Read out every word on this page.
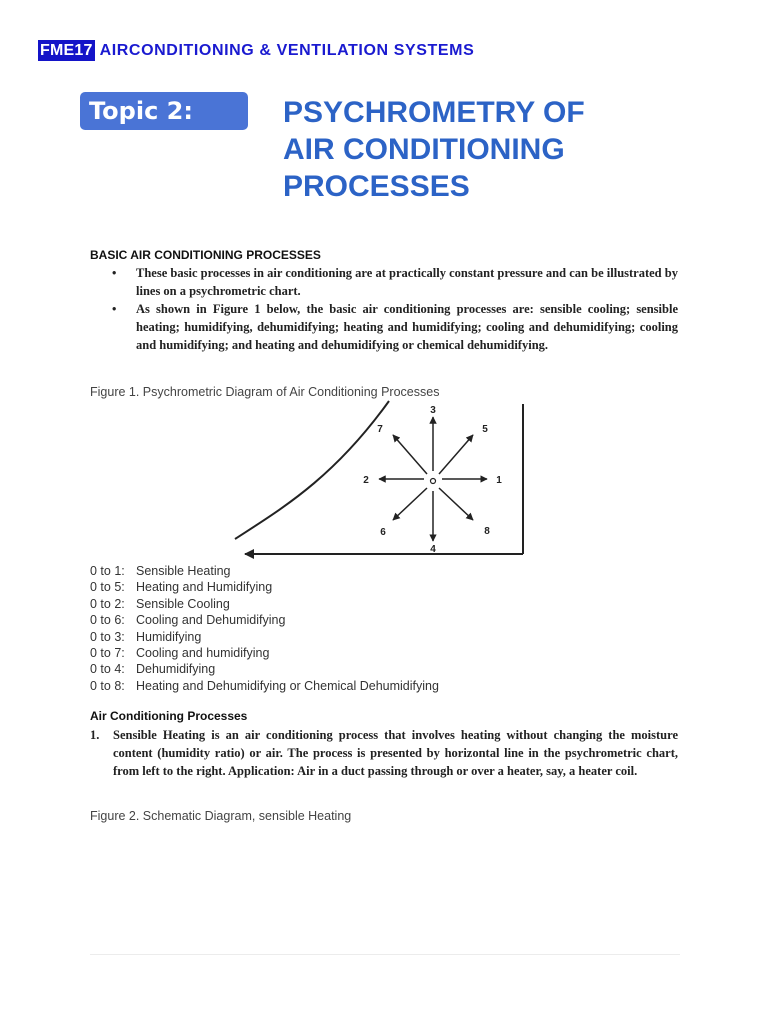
FME17 AIRCONDITIONING & VENTILATION SYSTEMS
Topic 2:	PSYCHROMETRY OF
AIR CONDITIONING
PROCESSES
BASIC AIR CONDITIONING PROCESSES
• These basic processes in air conditioning are at practically constant pressure and can be illustrated by lines on a psychrometric chart.
• As shown in Figure 1 below, the basic air conditioning processes are: sensible cooling; sensible heating; humidifying, dehumidifying; heating and humidifying; cooling and dehumidifying; cooling and humidifying; and heating and dehumidifying or chemical dehumidifying.
Figure 1. Psychrometric Diagram of Air Conditioning Processes
1
2
3
4
5
6
7
8
0 to 1: Sensible Heating
0 to 5: Heating and Humidifying
0 to 2: Sensible Cooling
0 to 6: Cooling and Dehumidifying
0 to 3: Humidifying
0 to 7: Cooling and humidifying
0 to 4: Dehumidifying
0 to 8: Heating and Dehumidifying or Chemical Dehumidifying
Air Conditioning Processes
1. Sensible Heating is an air conditioning process that involves heating without changing the moisture content (humidity ratio) or air. The process is presented by horizontal line in the psychrometric chart, from left to the right. Application: Air in a duct passing through or over a heater, say, a heater coil.
Figure 2. Schematic Diagram, sensible Heating
